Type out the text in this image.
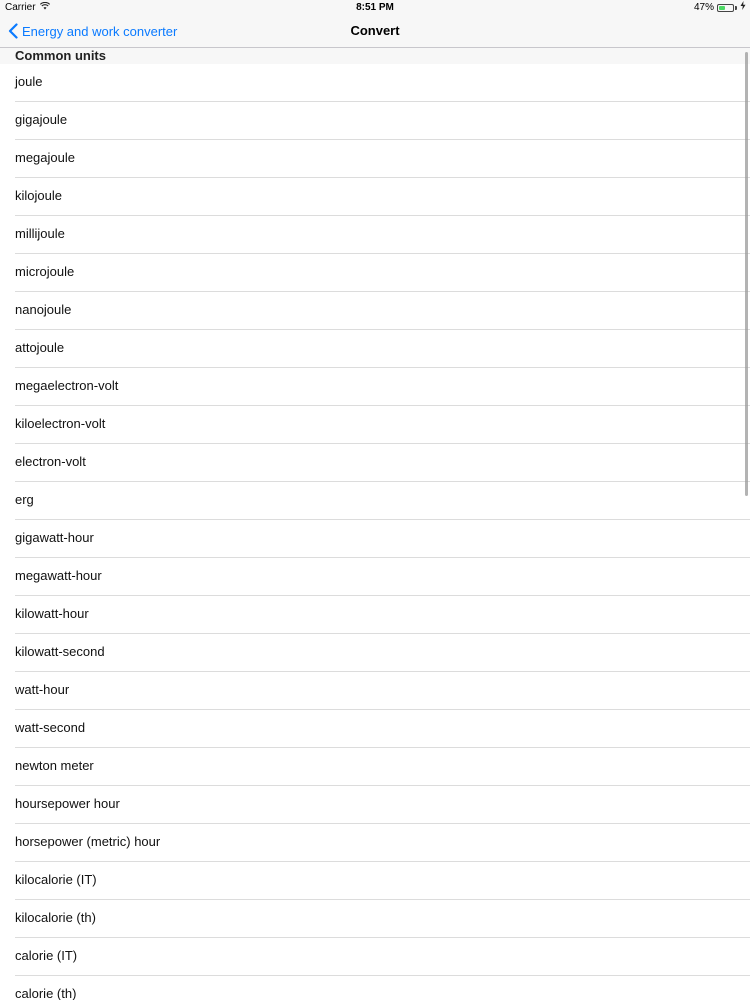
Carrier	8:51 PM	47%
Energy and work converter	Convert
Common units
joule
gigajoule
megajoule
kilojoule
millijoule
microjoule
nanojoule
attojoule
megaelectron-volt
kiloelectron-volt
electron-volt
erg
gigawatt-hour
megawatt-hour
kilowatt-hour
kilowatt-second
watt-hour
watt-second
newton meter
hoursepower hour
horsepower (metric) hour
kilocalorie (IT)
kilocalorie (th)
calorie (IT)
calorie (th)
